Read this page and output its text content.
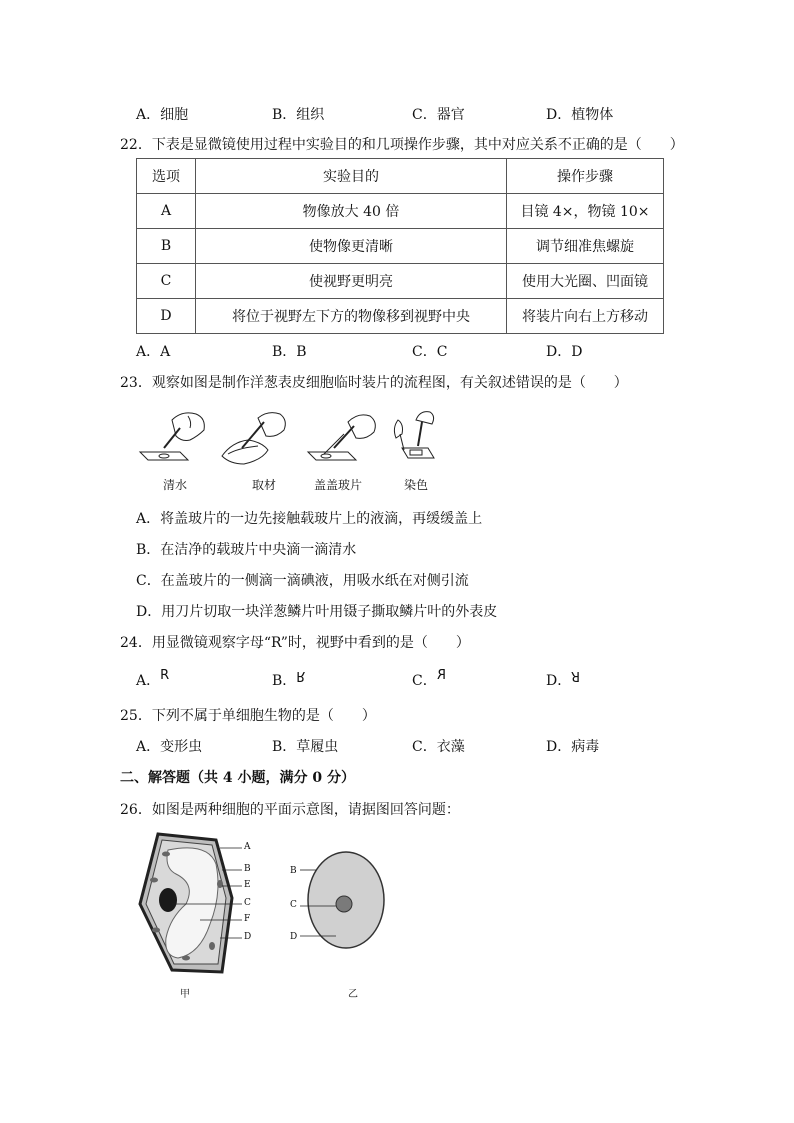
A．细胞	B．组织	C．器官	D．植物体
22．下表是显微镜使用过程中实验目的和几项操作步骤，其中对应关系不正确的是（　　）
选项	实验目的	操作步骤
A	物像放大 40 倍	目镜 4×，物镜 10×
B	使物像更清晰	调节细准焦螺旋
C	使视野更明亮	使用大光圈、凹面镜
D	将位于视野左下方的物像移到视野中央	将装片向右上方移动
A．A	B．B	C．C	D．D
23．观察如图是制作洋葱表皮细胞临时装片的流程图，有关叙述错误的是（　　）
清水	取材	盖盖玻片	染色
A．将盖玻片的一边先接触载玻片上的液滴，再缓缓盖上
B．在洁净的载玻片中央滴一滴清水
C．在盖玻片的一侧滴一滴碘液，用吸水纸在对侧引流
D．用刀片切取一块洋葱鳞片叶用镊子撕取鳞片叶的外表皮
24．用显微镜观察字母“R”时，视野中看到的是（　　）
A．R	B．R	C．R	D．R
25．下列不属于单细胞生物的是（　　）
A．变形虫	B．草履虫	C．衣藻	D．病毒
二、解答题（共 4 小题，满分 0 分）
26．如图是两种细胞的平面示意图，请据图回答问题：
A
B
E
C
F
D
甲
B
C
D
乙
